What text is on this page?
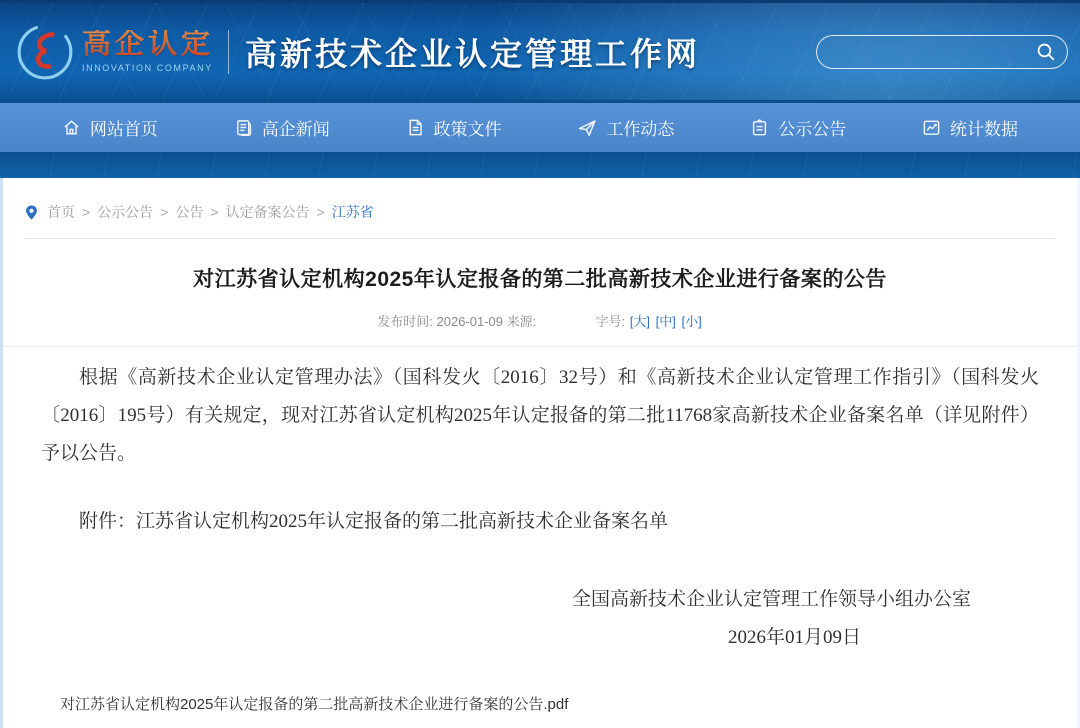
高企认定
INNOVATION COMPANY 高新技术企业认定管理工作网
网站首页	高企新闻	政策文件	工作动态	公示公告	统计数据
首页 > 公示公告 > 公告 > 认定备案公告 > 江苏省
对江苏省认定机构2025年认定报备的第二批高新技术企业进行备案的公告
发布时间: 2026-01-09 来源:	字号: [大] [中] [小]

根据《高新技术企业认定管理办法》（国科发火〔2016〕32号）和《高新技术企业认定管理工作指引》（国科发火〔2016〕195号）有关规定，现对江苏省认定机构2025年认定报备的第二批11768家高新技术企业备案名单（详见附件）予以公告。

附件：江苏省认定机构2025年认定报备的第二批高新技术企业备案名单

全国高新技术企业认定管理工作领导小组办公室

2026年01月09日

对江苏省认定机构2025年认定报备的第二批高新技术企业进行备案的公告.pdf
